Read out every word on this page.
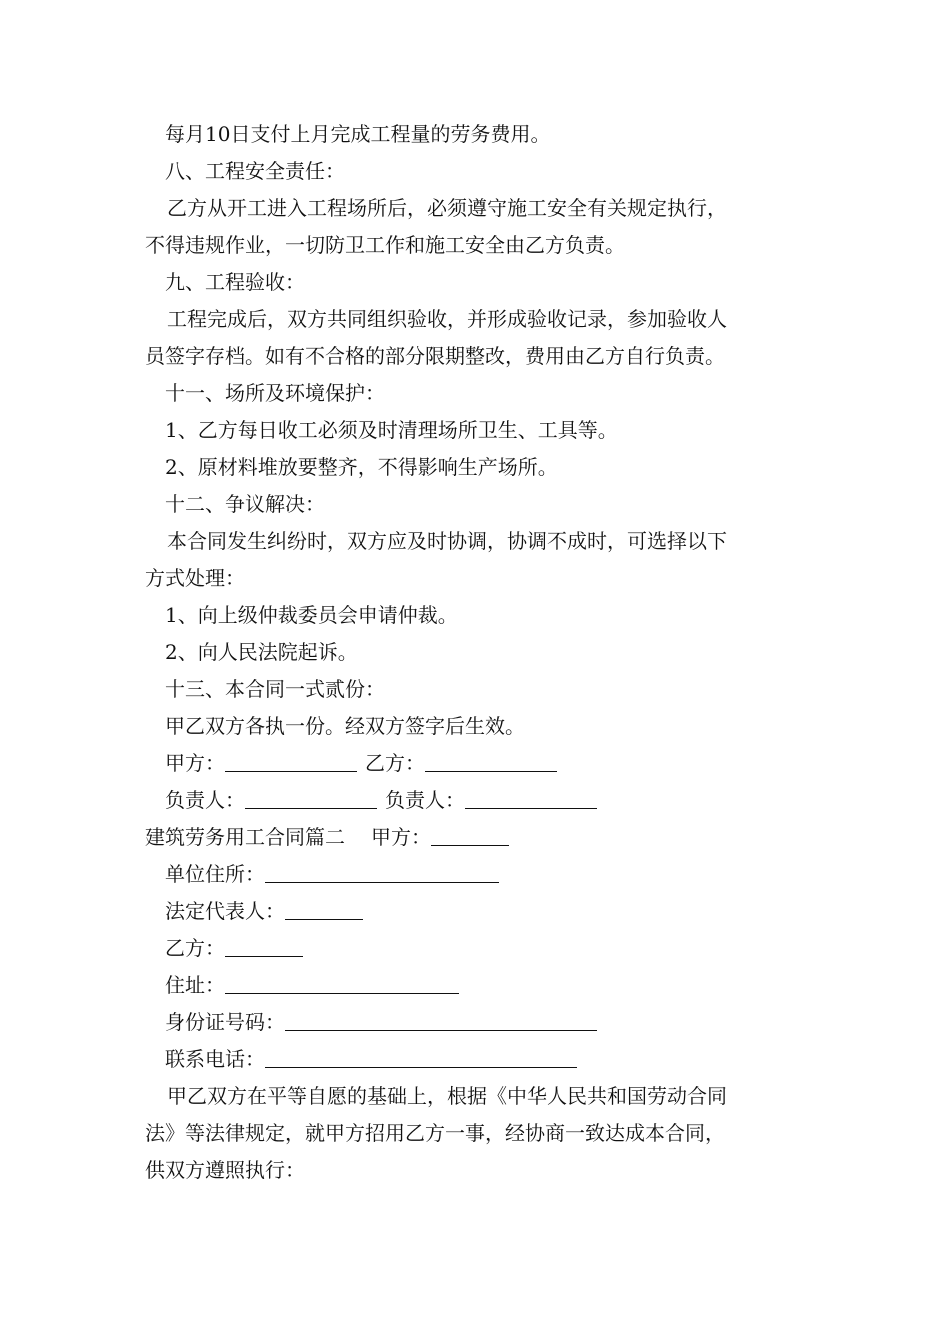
每月10日支付上月完成工程量的劳务费用。
八、工程安全责任：
乙方从开工进入工程场所后，必须遵守施工安全有关规定执行，
不得违规作业，一切防卫工作和施工安全由乙方负责。
九、工程验收：
工程完成后，双方共同组织验收，并形成验收记录，参加验收人
员签字存档。如有不合格的部分限期整改，费用由乙方自行负责。
十一、场所及环境保护：
1、乙方每日收工必须及时清理场所卫生、工具等。
2、原材料堆放要整齐，不得影响生产场所。
十二、争议解决：
本合同发生纠纷时，双方应及时协调，协调不成时，可选择以下
方式处理：
1、向上级仲裁委员会申请仲裁。
2、向人民法院起诉。
十三、本合同一式贰份：
甲乙双方各执一份。经双方签字后生效。
甲方：	乙方：
负责人：	负责人：
建筑劳务用工合同篇二 甲方：
单位住所：
法定代表人：
乙方：
住址：
身份证号码：
联系电话：
甲乙双方在平等自愿的基础上，根据《中华人民共和国劳动合同
法》等法律规定，就甲方招用乙方一事，经协商一致达成本合同，
供双方遵照执行：
